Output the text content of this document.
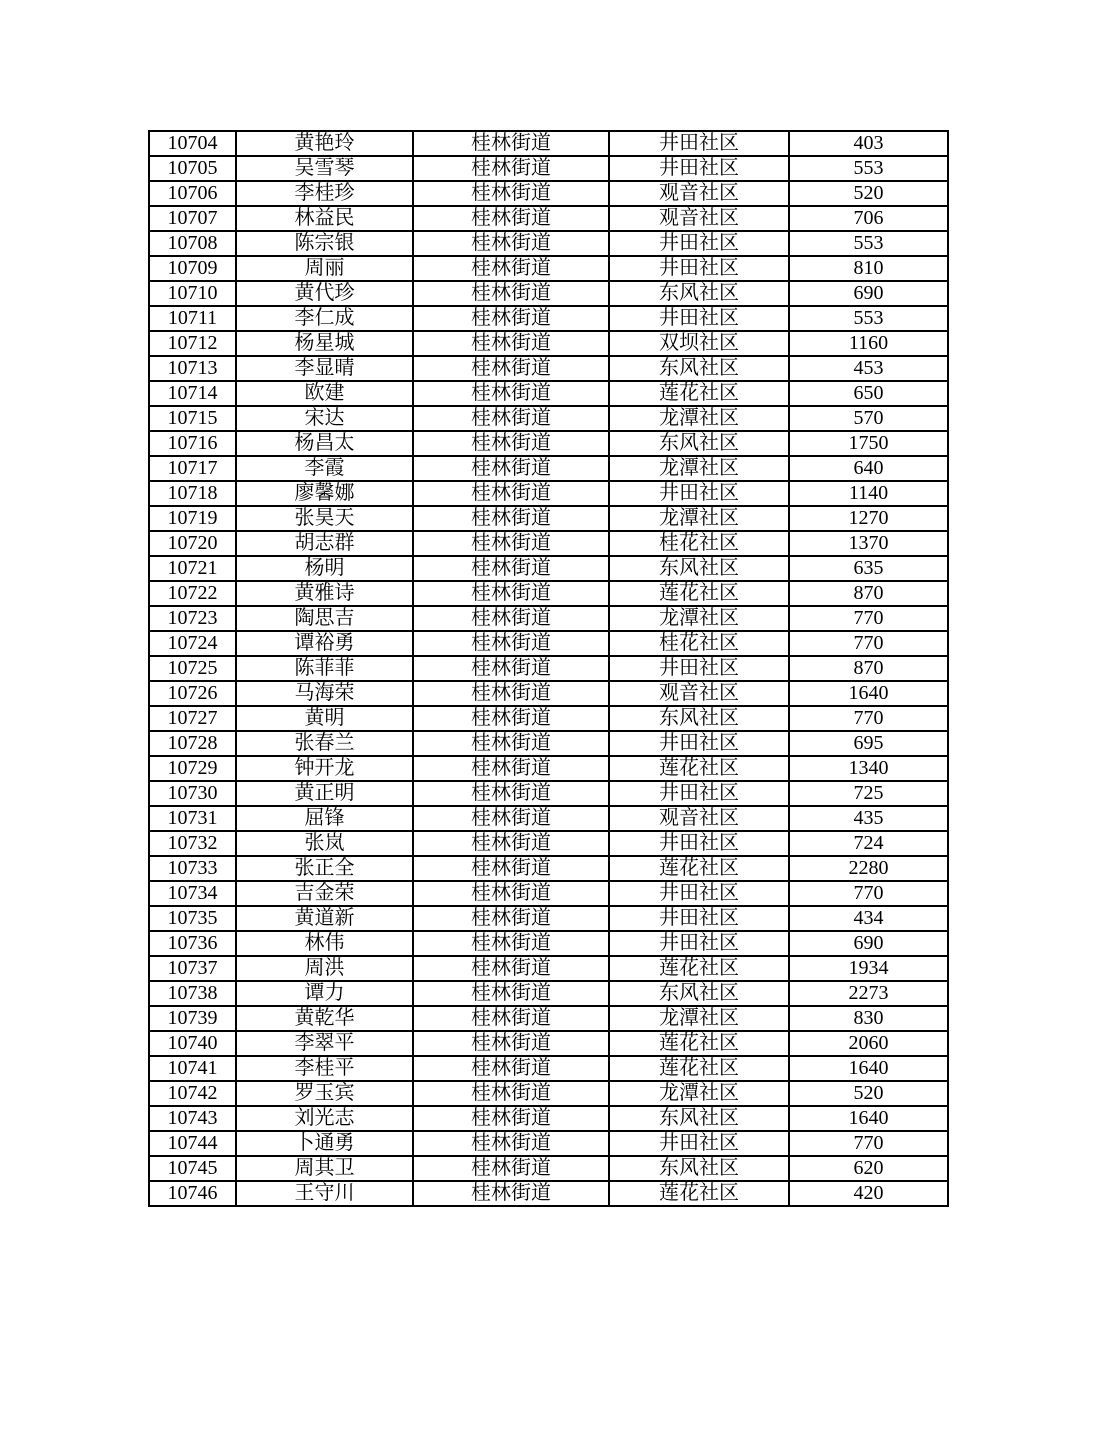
10704	黄艳玲	桂林街道	井田社区	403
10705	吴雪琴	桂林街道	井田社区	553
10706	李桂珍	桂林街道	观音社区	520
10707	林益民	桂林街道	观音社区	706
10708	陈宗银	桂林街道	井田社区	553
10709	周丽	桂林街道	井田社区	810
10710	黄代珍	桂林街道	东风社区	690
10711	李仁成	桂林街道	井田社区	553
10712	杨星城	桂林街道	双坝社区	1160
10713	李显晴	桂林街道	东风社区	453
10714	欧建	桂林街道	莲花社区	650
10715	宋达	桂林街道	龙潭社区	570
10716	杨昌太	桂林街道	东风社区	1750
10717	李霞	桂林街道	龙潭社区	640
10718	廖馨娜	桂林街道	井田社区	1140
10719	张昊天	桂林街道	龙潭社区	1270
10720	胡志群	桂林街道	桂花社区	1370
10721	杨明	桂林街道	东风社区	635
10722	黄雅诗	桂林街道	莲花社区	870
10723	陶思吉	桂林街道	龙潭社区	770
10724	谭裕勇	桂林街道	桂花社区	770
10725	陈菲菲	桂林街道	井田社区	870
10726	马海荣	桂林街道	观音社区	1640
10727	黄明	桂林街道	东风社区	770
10728	张春兰	桂林街道	井田社区	695
10729	钟开龙	桂林街道	莲花社区	1340
10730	黄正明	桂林街道	井田社区	725
10731	屈锋	桂林街道	观音社区	435
10732	张岚	桂林街道	井田社区	724
10733	张正全	桂林街道	莲花社区	2280
10734	吉金荣	桂林街道	井田社区	770
10735	黄道新	桂林街道	井田社区	434
10736	林伟	桂林街道	井田社区	690
10737	周洪	桂林街道	莲花社区	1934
10738	谭力	桂林街道	东风社区	2273
10739	黄乾华	桂林街道	龙潭社区	830
10740	李翠平	桂林街道	莲花社区	2060
10741	李桂平	桂林街道	莲花社区	1640
10742	罗玉宾	桂林街道	龙潭社区	520
10743	刘光志	桂林街道	东风社区	1640
10744	卜通勇	桂林街道	井田社区	770
10745	周其卫	桂林街道	东风社区	620
10746	王守川	桂林街道	莲花社区	420
